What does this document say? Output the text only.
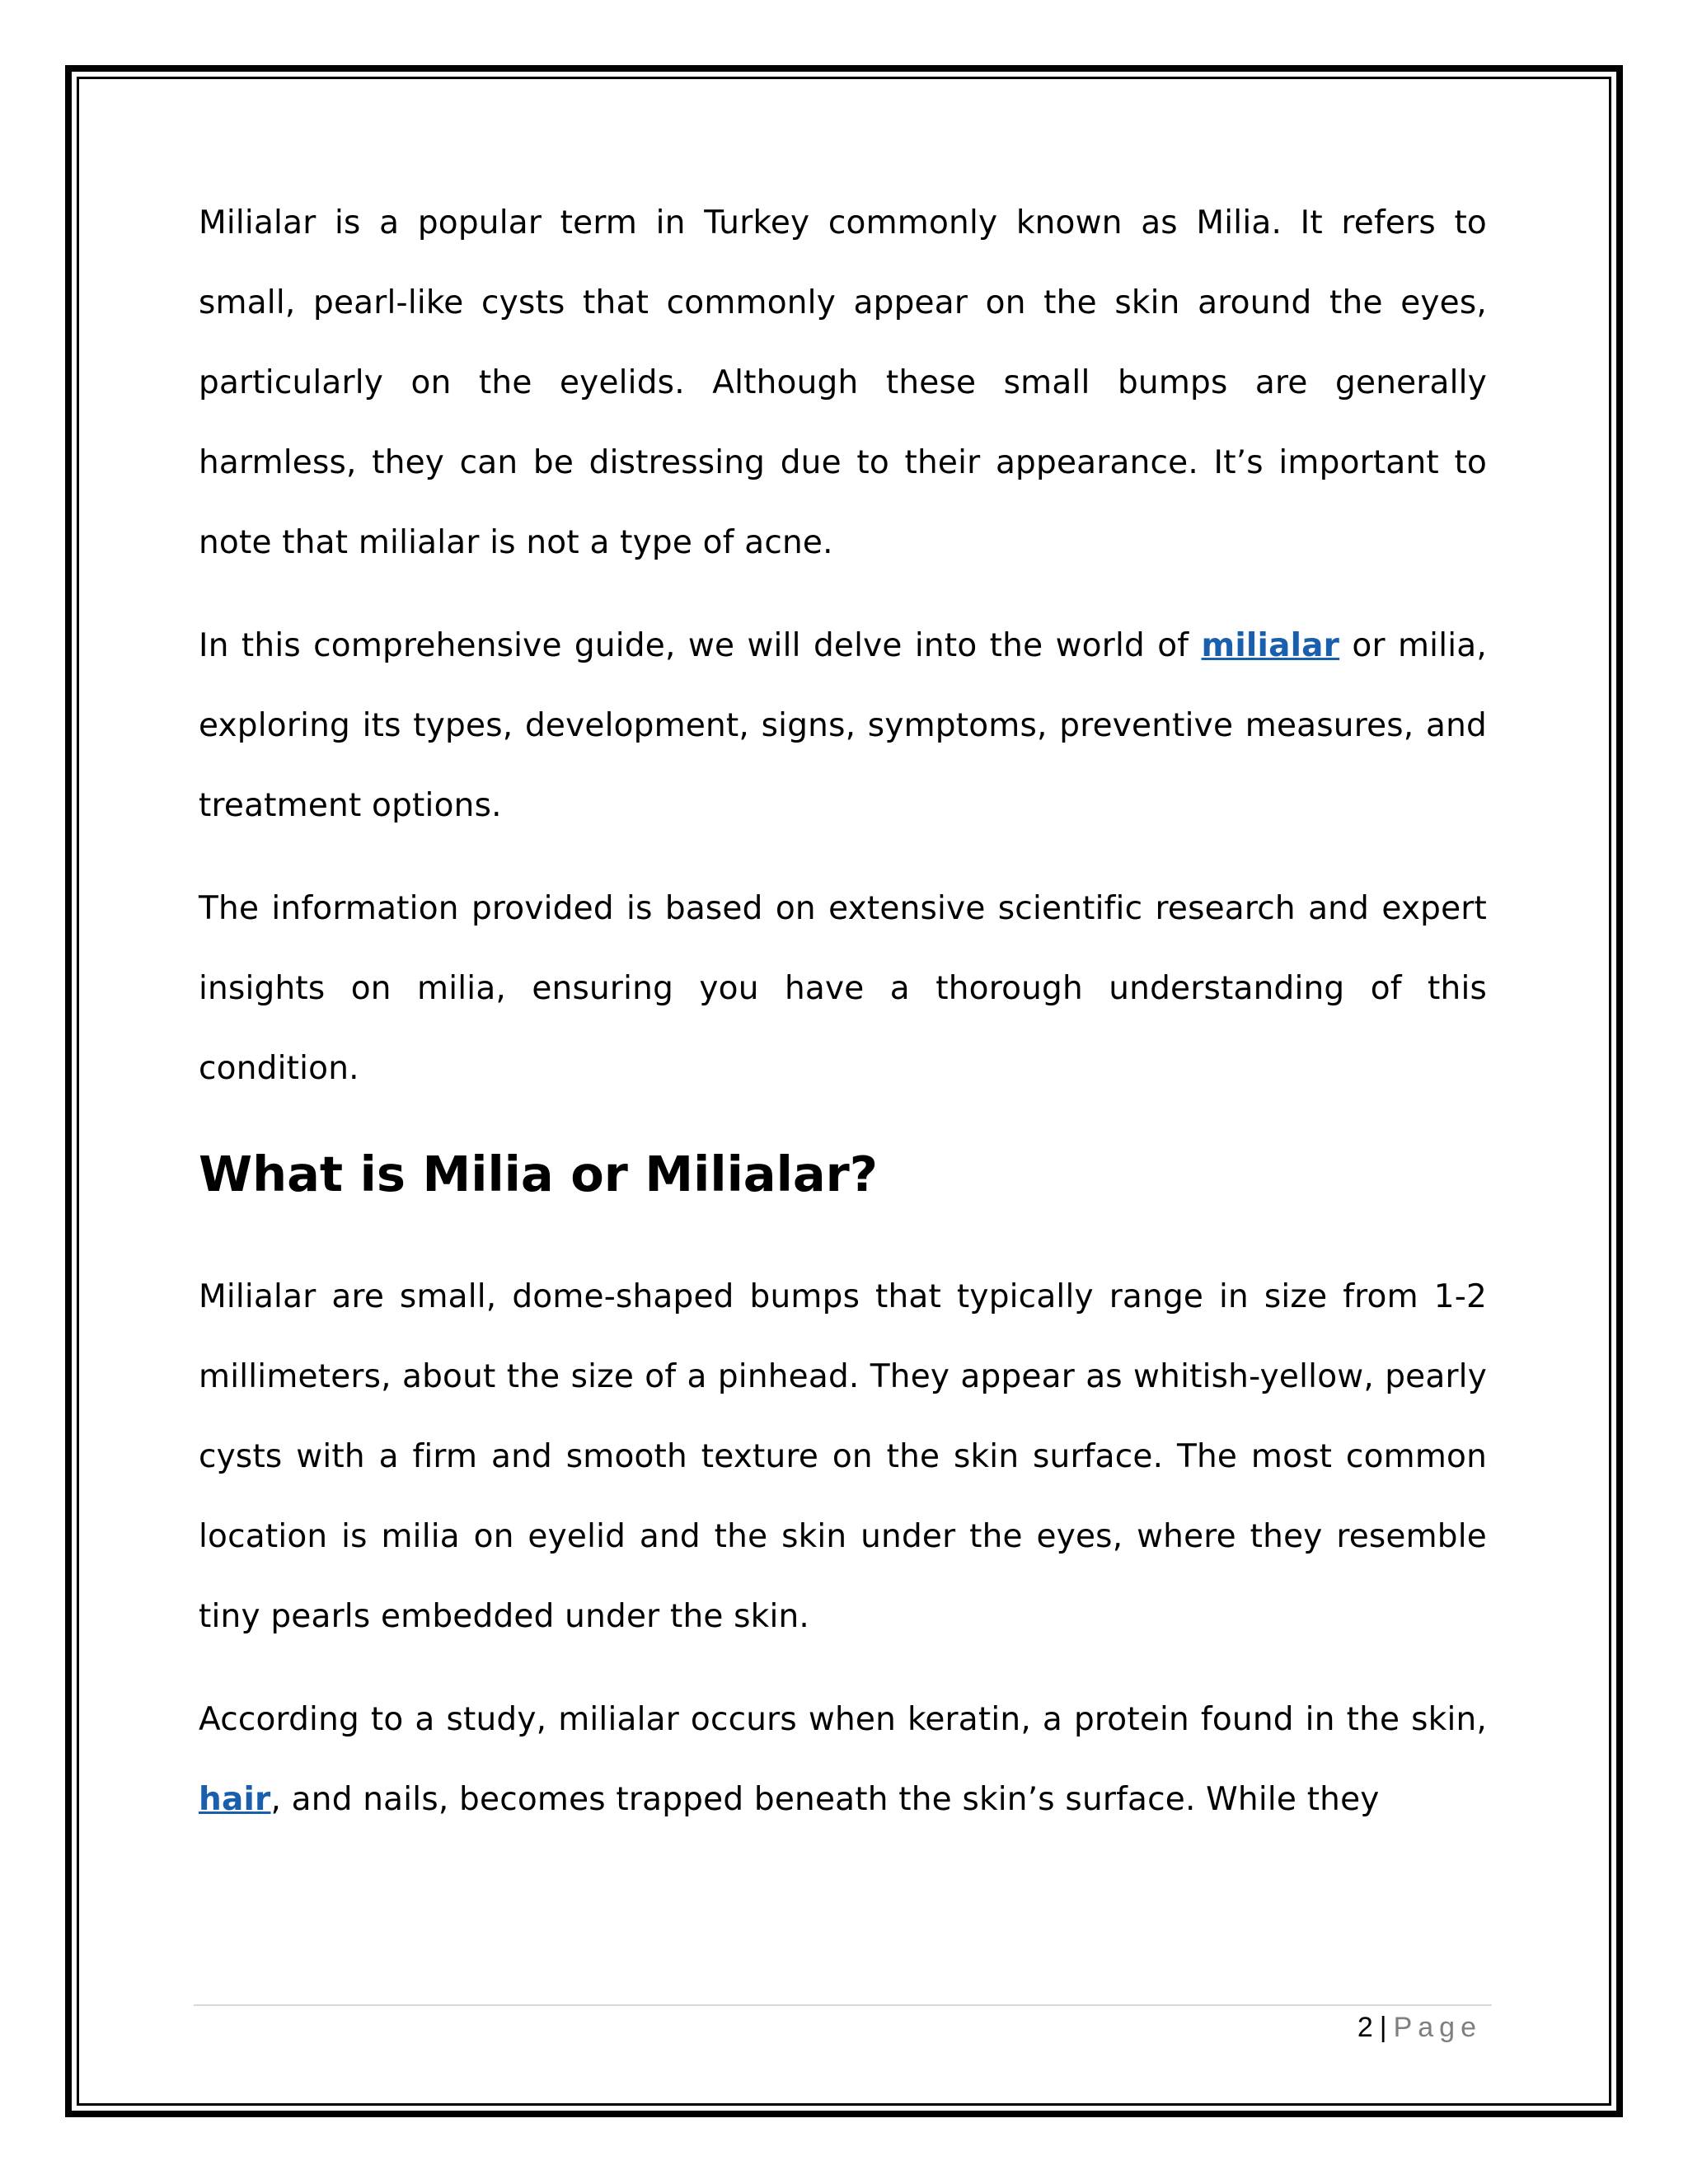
Milialar is a popular term in Turkey commonly known as Milia. It refers to small, pearl-like cysts that commonly appear on the skin around the eyes, particularly on the eyelids. Although these small bumps are generally harmless, they can be distressing due to their appearance. It’s important to note that milialar is not a type of acne.

In this comprehensive guide, we will delve into the world of milialar or milia, exploring its types, development, signs, symptoms, preventive measures, and treatment options.

The information provided is based on extensive scientific research and expert insights on milia, ensuring you have a thorough understanding of this condition.

What is Milia or Milialar?

Milialar are small, dome-shaped bumps that typically range in size from 1-2 millimeters, about the size of a pinhead. They appear as whitish-yellow, pearly cysts with a firm and smooth texture on the skin surface. The most common location is milia on eyelid and the skin under the eyes, where they resemble tiny pearls embedded under the skin.

According to a study, milialar occurs when keratin, a protein found in the skin, hair, and nails, becomes trapped beneath the skin’s surface. While they

2 | Page
